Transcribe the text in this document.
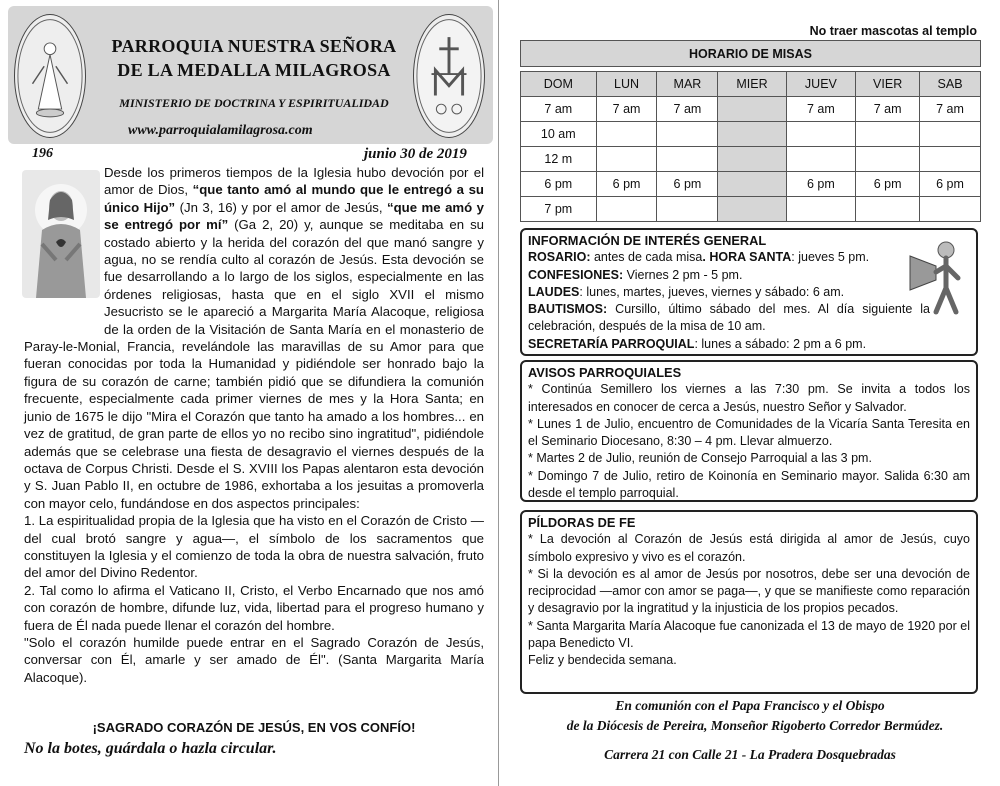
PARROQUIA NUESTRA SEÑORA
DE LA MEDALLA MILAGROSA
MINISTERIO DE DOCTRINA Y ESPIRITUALIDAD
www.parroquialamilagrosa.com
196	junio 30 de 2019

Desde los primeros tiempos de la Iglesia hubo devoción por el amor de Dios, “que tanto amó al mundo que le entregó a su único Hijo” (Jn 3, 16) y por el amor de Jesús, “que me amó y se entregó por mí” (Ga 2, 20) y, aunque se meditaba en su costado abierto y la herida del corazón del que manó sangre y agua, no se rendía culto al corazón de Jesús. Esta devoción se fue desarrollando a lo largo de los siglos, especialmente en las órdenes religiosas, hasta que en el siglo XVII el mismo Jesucristo se le apareció a Margarita María Alacoque, religiosa de la orden de la Visitación de Santa María en el monasterio de Paray-le-Monial, Francia, revelándole las maravillas de su Amor para que fueran conocidas por toda la Humanidad y pidiéndole ser honrado bajo la figura de su corazón de carne; también pidió que se difundiera la comunión frecuente, especialmente cada primer viernes de mes y la Hora Santa; en junio de 1675 le dijo "Mira el Corazón que tanto ha amado a los hombres... en vez de gratitud, de gran parte de ellos yo no recibo sino ingratitud", pidiéndole además que se celebrase una fiesta de desagravio el viernes después de la octava de Corpus Christi. Desde el S. XVIII los Papas alentaron esta devoción y S. Juan Pablo II, en octubre de 1986, exhortaba a los jesuitas a promoverla con mayor celo, fundándose en dos aspectos principales:

1. La espiritualidad propia de la Iglesia que ha visto en el Corazón de Cristo —del cual brotó sangre y agua—, el símbolo de los sacramentos que constituyen la Iglesia y el comienzo de toda la obra de nuestra salvación, fruto del amor del Divino Redentor.

2. Tal como lo afirma el Vaticano II, Cristo, el Verbo Encarnado que nos amó con corazón de hombre, difunde luz, vida, libertad para el progreso humano y fuera de Él nada puede llenar el corazón del hombre.

"Solo el corazón humilde puede entrar en el Sagrado Corazón de Jesús, conversar con Él, amarle y ser amado de Él". (Santa Margarita María Alacoque).

¡SAGRADO CORAZÓN DE JESÚS, EN VOS CONFÍO!
No la botes, guárdala o hazla circular.
No traer mascotas al templo
HORARIO DE MISAS						

DOM	LUN	MAR	MIER	JUEV	VIER	SAB
7 am	7 am	7 am		7 am	7 am	7 am
10 am						
12 m						
6 pm	6 pm	6 pm		6 pm	6 pm	6 pm
7 pm						
INFORMACIÓN DE INTERÉS GENERAL

ROSARIO: antes de cada misa. HORA SANTA: jueves 5 pm.

CONFESIONES: Viernes 2 pm - 5 pm.

LAUDES: lunes, martes, jueves, viernes y sábado: 6 am.

BAUTISMOS: Cursillo, último sábado del mes. Al día siguiente la celebración, después de la misa de 10 am.

SECRETARÍA PARROQUIAL: lunes a sábado: 2 pm a 6 pm.

AVISOS PARROQUIALES

* Continúa Semillero los viernes a las 7:30 pm. Se invita a todos los interesados en conocer de cerca a Jesús, nuestro Señor y Salvador.

* Lunes 1 de Julio, encuentro de Comunidades de la Vicaría Santa Teresita en el Seminario Diocesano, 8:30 – 4 pm. Llevar almuerzo.

* Martes 2 de Julio, reunión de Consejo Parroquial a las 3 pm.

* Domingo 7 de Julio, retiro de Koinonía en Seminario mayor. Salida 6:30 am desde el templo parroquial.

PÍLDORAS DE FE

* La devoción al Corazón de Jesús está dirigida al amor de Jesús, cuyo símbolo expresivo y vivo es el corazón.

* Si la devoción es al amor de Jesús por nosotros, debe ser una devoción de reciprocidad —amor con amor se paga—, y que se manifieste como reparación y desagravio por la ingratitud y la injusticia de los propios pecados.

* Santa Margarita María Alacoque fue canonizada el 13 de mayo de 1920 por el papa Benedicto VI.

Feliz y bendecida semana.

En comunión con el Papa Francisco y el Obispo
de la Diócesis de Pereira, Monseñor Rigoberto Corredor Bermúdez.
Carrera 21 con Calle 21 - La Pradera Dosquebradas
